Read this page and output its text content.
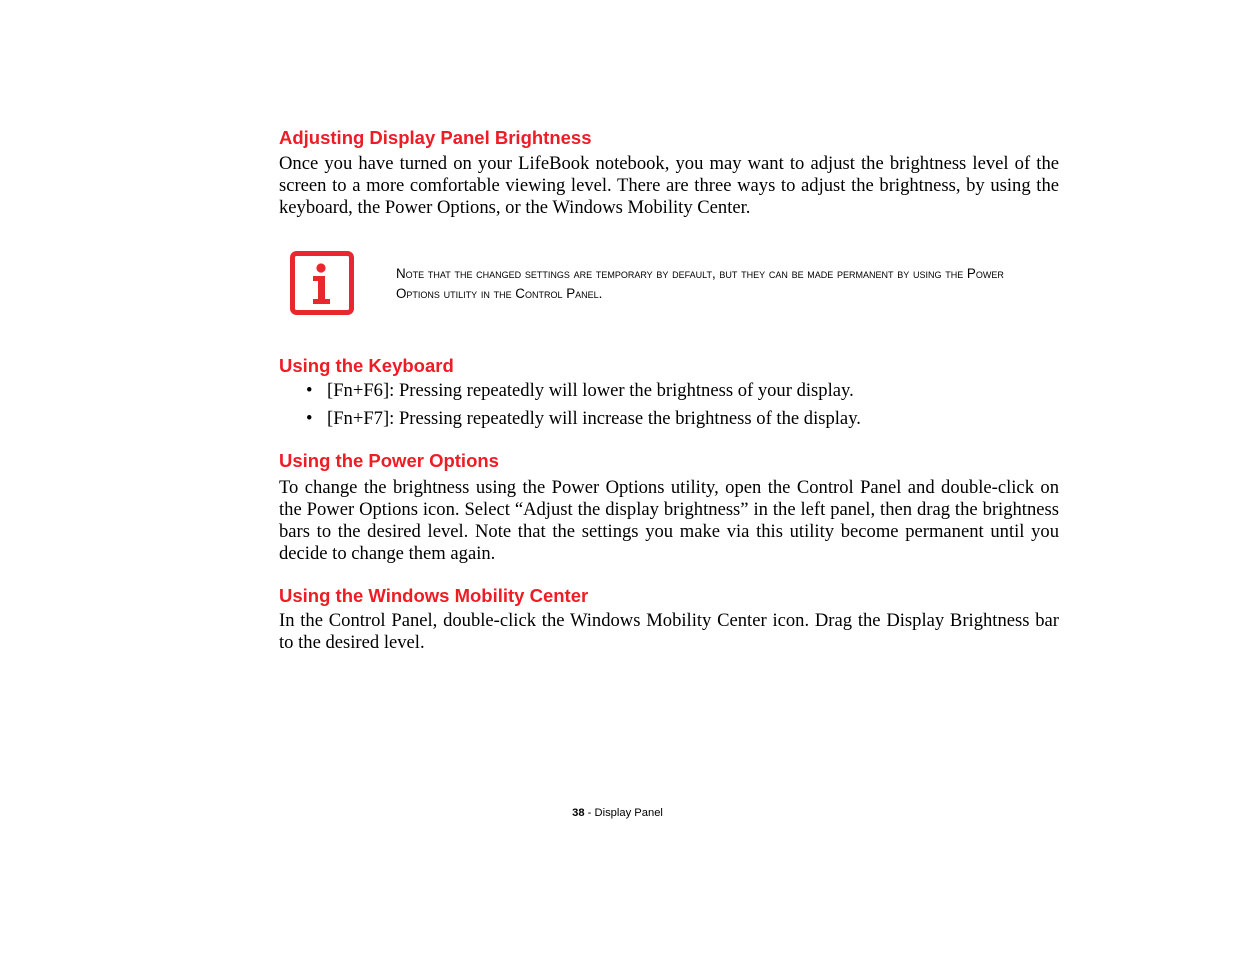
Adjusting Display Panel Brightness

Once you have turned on your LifeBook notebook, you may want to adjust the brightness level of the screen to a more comfortable viewing level. There are three ways to adjust the brightness, by using the keyboard, the Power Options, or the Windows Mobility Center.

Note that the changed settings are temporary by default, but they can be made permanent by using the Power Options utility in the Control Panel.

Using the Keyboard
• [Fn+F6]: Pressing repeatedly will lower the brightness of your display.
• [Fn+F7]: Pressing repeatedly will increase the brightness of the display.
Using the Power Options

To change the brightness using the Power Options utility, open the Control Panel and double-click on the Power Options icon. Select “Adjust the display brightness” in the left panel, then drag the brightness bars to the desired level. Note that the settings you make via this utility become permanent until you decide to change them again.

Using the Windows Mobility Center

In the Control Panel, double-click the Windows Mobility Center icon. Drag the Display Brightness bar to the desired level.

38 - Display Panel
